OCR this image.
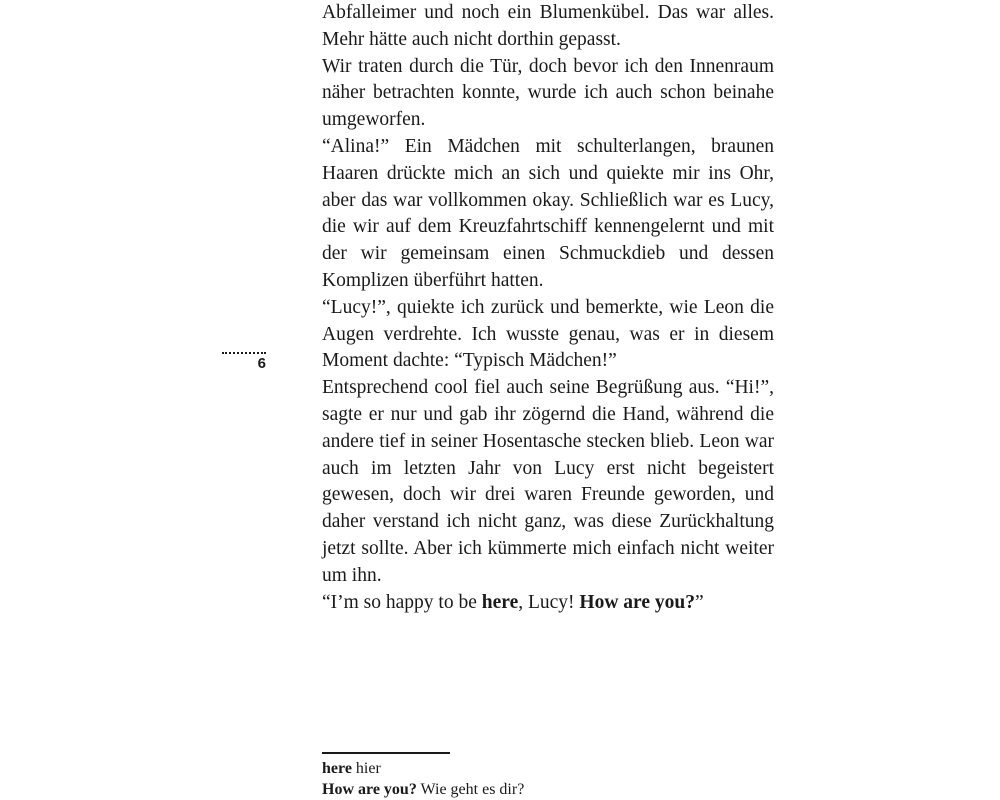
6

Abfalleimer und noch ein Blumenkübel. Das war alles. Mehr hätte auch nicht dorthin gepasst.

Wir traten durch die Tür, doch bevor ich den Innenraum näher betrachten konnte, wurde ich auch schon beinahe umgeworfen.

“Alina!” Ein Mädchen mit schulterlangen, braunen Haaren drückte mich an sich und quiekte mir ins Ohr, aber das war vollkommen okay. Schließlich war es Lucy, die wir auf dem Kreuzfahrtschiff kennengelernt und mit der wir gemeinsam einen Schmuckdieb und dessen Komplizen überführt hatten.

“Lucy!”, quiekte ich zurück und bemerkte, wie Leon die Augen verdrehte. Ich wusste genau, was er in diesem Moment dachte: “Typisch Mädchen!”

Entsprechend cool fiel auch seine Begrüßung aus. “Hi!”, sagte er nur und gab ihr zögernd die Hand, während die andere tief in seiner Hosentasche stecken blieb. Leon war auch im letzten Jahr von Lucy erst nicht begeistert gewesen, doch wir drei waren Freunde geworden, und daher verstand ich nicht ganz, was diese Zurückhaltung jetzt sollte. Aber ich kümmerte mich einfach nicht weiter um ihn.

“I’m so happy to be here, Lucy! How are you?”

here hier
How are you? Wie geht es dir?
